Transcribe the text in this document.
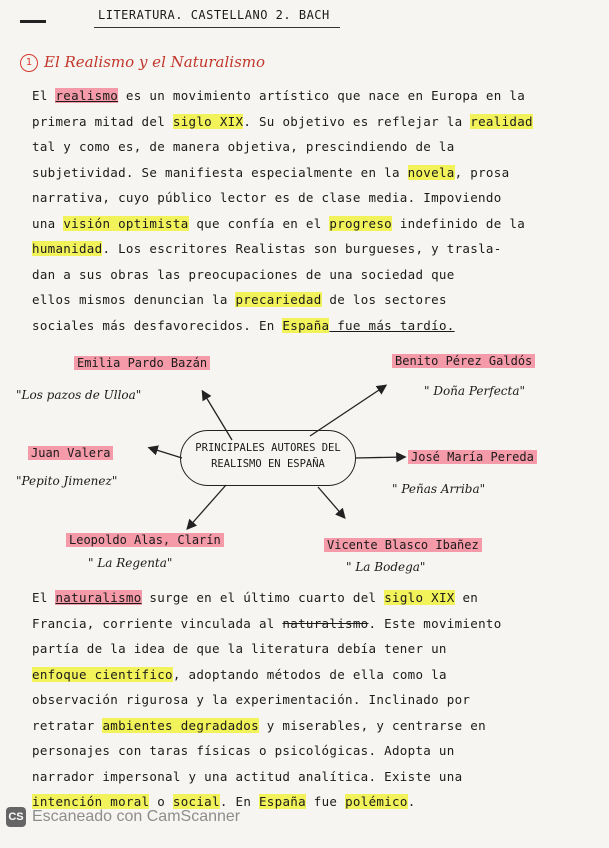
LITERATURA. CASTELLANO 2. BACH
1 El Realismo y el Naturalismo
El realismo es un movimiento artístico que nace en Europa en la
primera mitad del siglo XIX. Su objetivo es reflejar la realidad
tal y como es, de manera objetiva, prescindiendo de la
subjetividad. Se manifiesta especialmente en la novela, prosa
narrativa, cuyo público lector es de clase media. Impoviendo
una visión optimista que confía en el progreso indefinido de la
humanidad. Los escritores Realistas son burgueses, y trasla-
dan a sus obras las preocupaciones de una sociedad que
ellos mismos denuncian la precariedad de los sectores
sociales más desfavorecidos. En España fue más tardío.
PRINCIPALES AUTORES DEL
REALISMO EN ESPAÑA
Emilia Pardo Bazán
"Los pazos de Ulloa"
Benito Pérez Galdós
" Doña Perfecta"
Juan Valera
"Pepito Jimenez"
José María Pereda
" Peñas Arriba"
Leopoldo Alas, Clarín
" La Regenta"
Vicente Blasco Ibañez
" La Bodega"
El naturalismo surge en el último cuarto del siglo XIX en
Francia, corriente vinculada al naturalismo. Este movimiento
partía de la idea de que la literatura debía tener un
enfoque científico, adoptando métodos de ella como la
observación rigurosa y la experimentación. Inclinado por
retratar ambientes degradados y miserables, y centrarse en
personajes con taras físicas o psicológicas. Adopta un
narrador impersonal y una actitud analítica. Existe una
intención moral o social. En España fue polémico.
CS Escaneado con CamScanner
